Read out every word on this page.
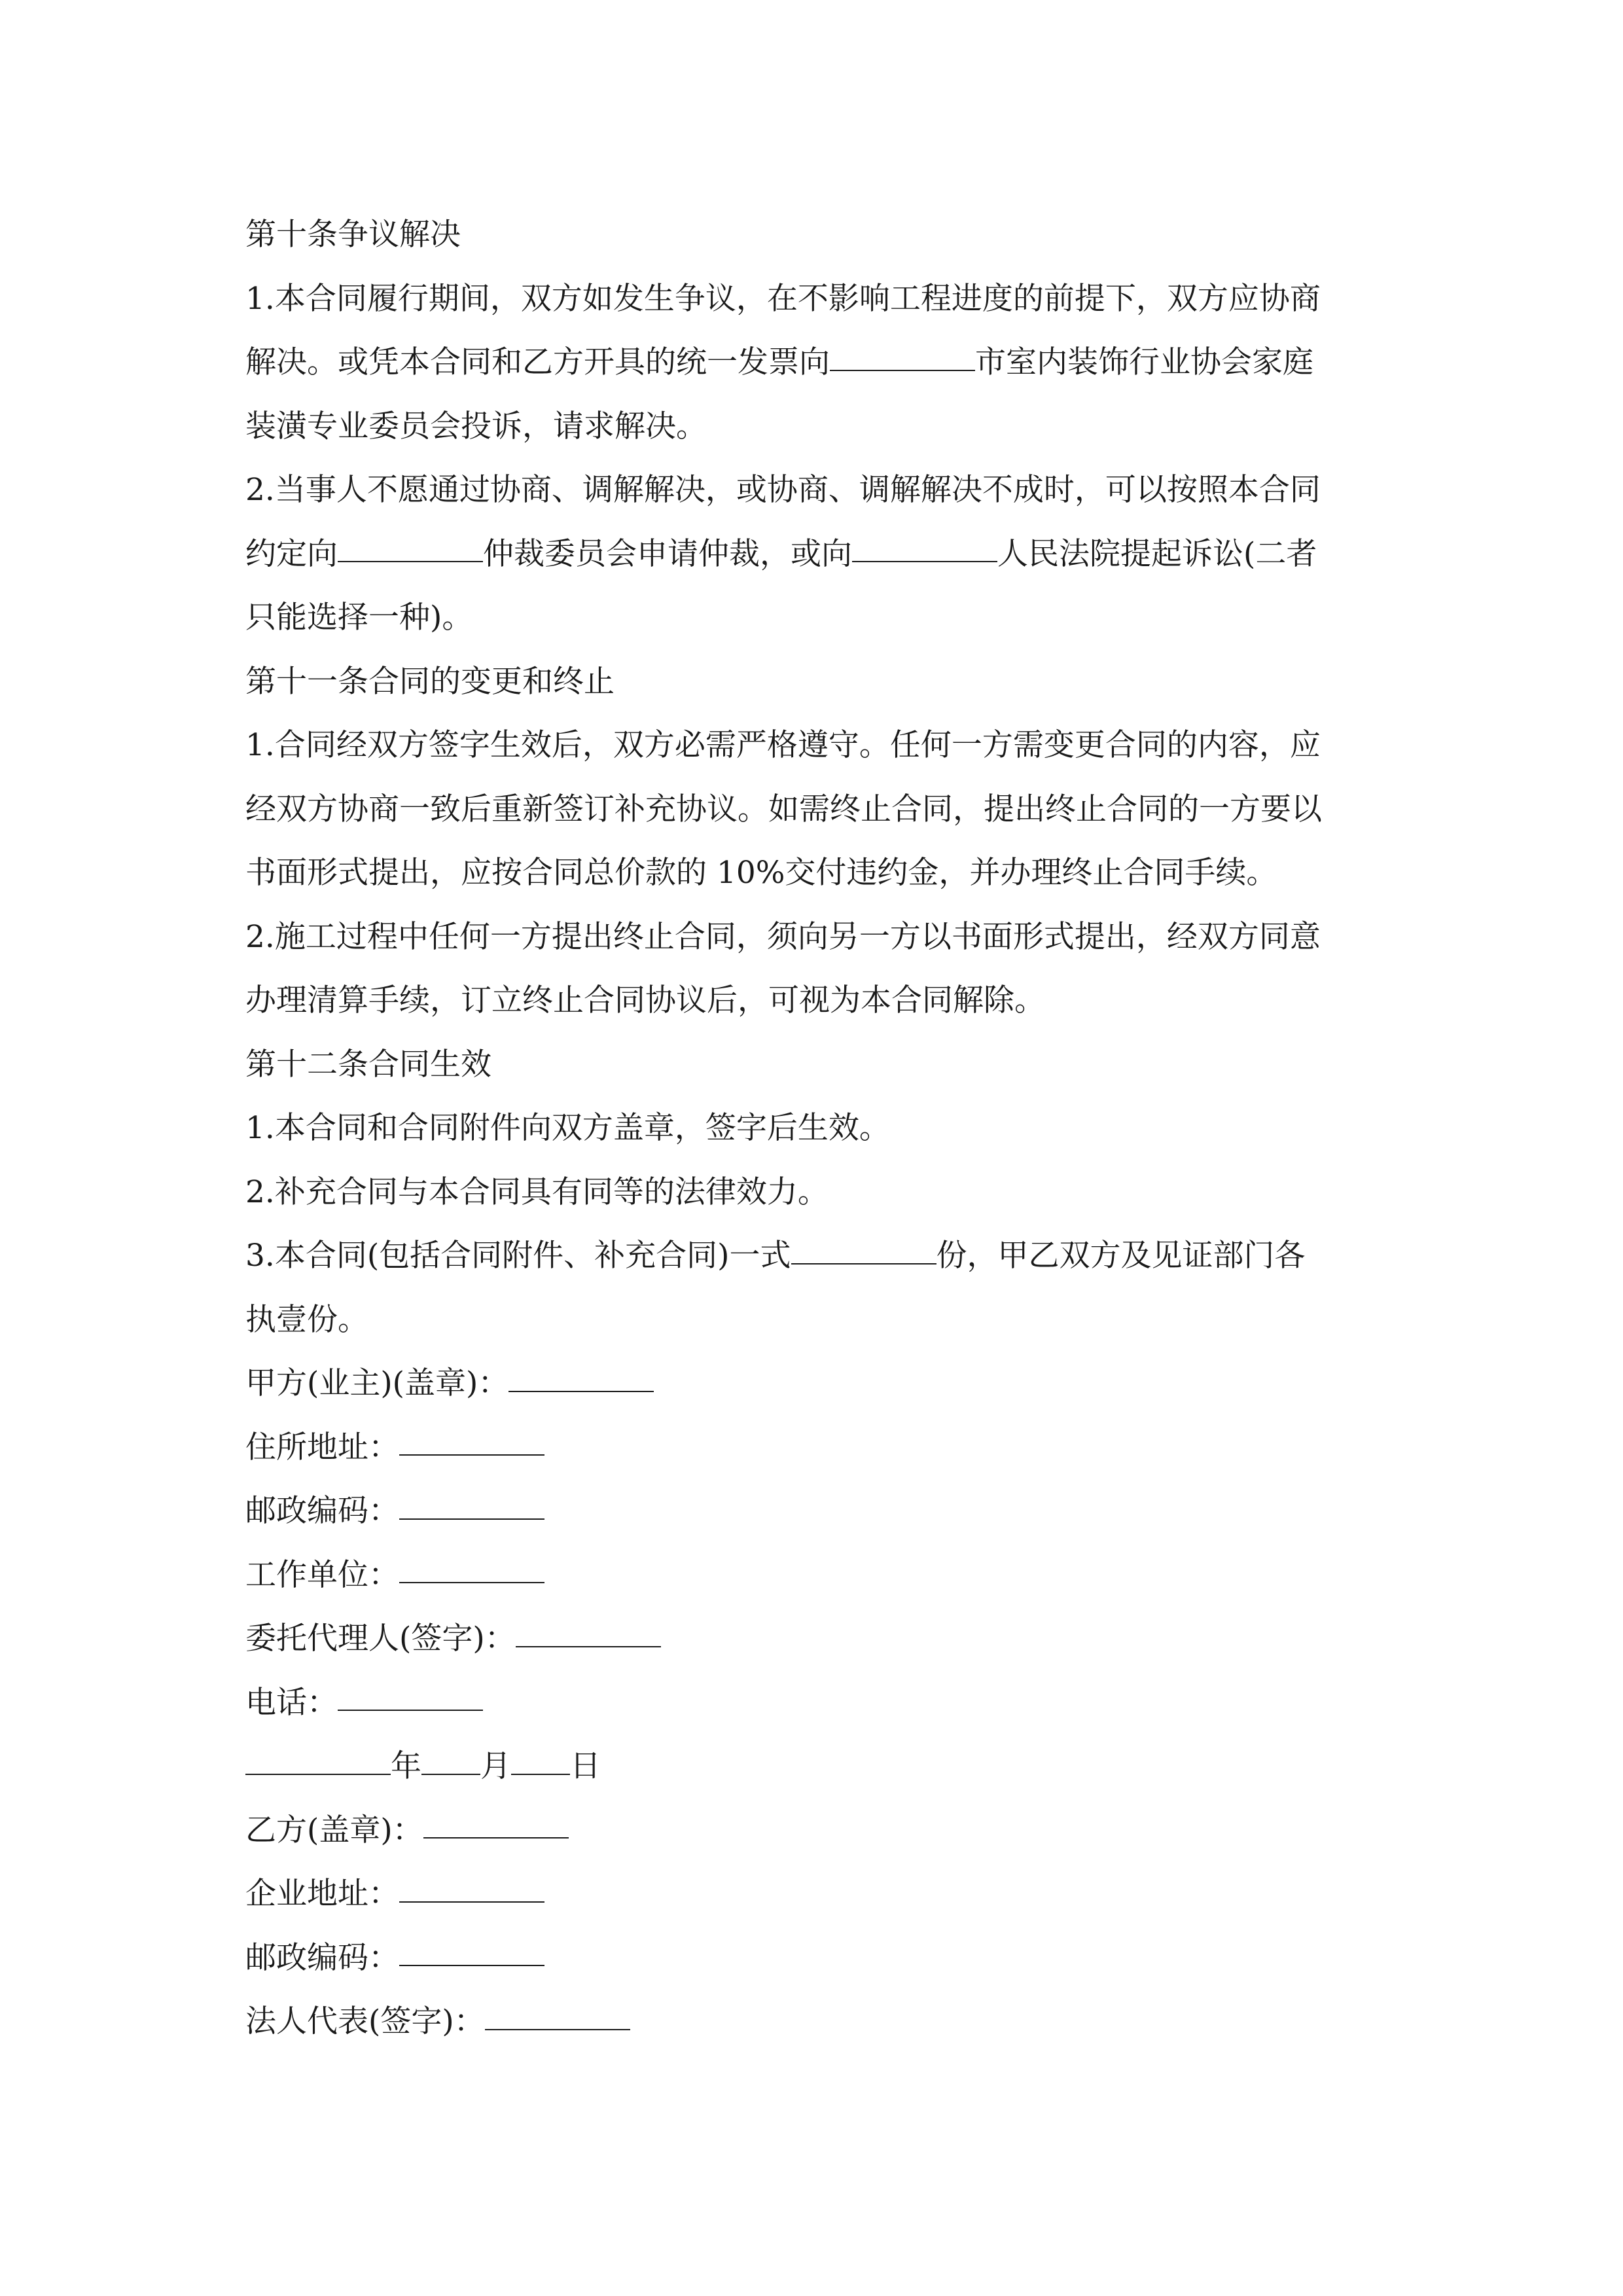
第十条争议解决
1.本合同履行期间，双方如发生争议，在不影响工程进度的前提下，双方应协商
解决。或凭本合同和乙方开具的统一发票向	市室内装饰行业协会家庭
装潢专业委员会投诉，请求解决。
2.当事人不愿通过协商、调解解决，或协商、调解解决不成时，可以按照本合同
约定向	仲裁委员会申请仲裁，或向	人民法院提起诉讼(二者
只能选择一种)。
第十一条合同的变更和终止
1.合同经双方签字生效后，双方必需严格遵守。任何一方需变更合同的内容，应
经双方协商一致后重新签订补充协议。如需终止合同，提出终止合同的一方要以
书面形式提出，应按合同总价款的 10%交付违约金，并办理终止合同手续。
2.施工过程中任何一方提出终止合同，须向另一方以书面形式提出，经双方同意
办理清算手续，订立终止合同协议后，可视为本合同解除。
第十二条合同生效
1.本合同和合同附件向双方盖章，签字后生效。
2.补充合同与本合同具有同等的法律效力。
3.本合同(包括合同附件、补充合同)一式	份，甲乙双方及见证部门各
执壹份。
甲方(业主)(盖章)：
住所地址：
邮政编码：
工作单位：
委托代理人(签字)：
电话：
年 月 日
乙方(盖章)：
企业地址：
邮政编码：
法人代表(签字)：
